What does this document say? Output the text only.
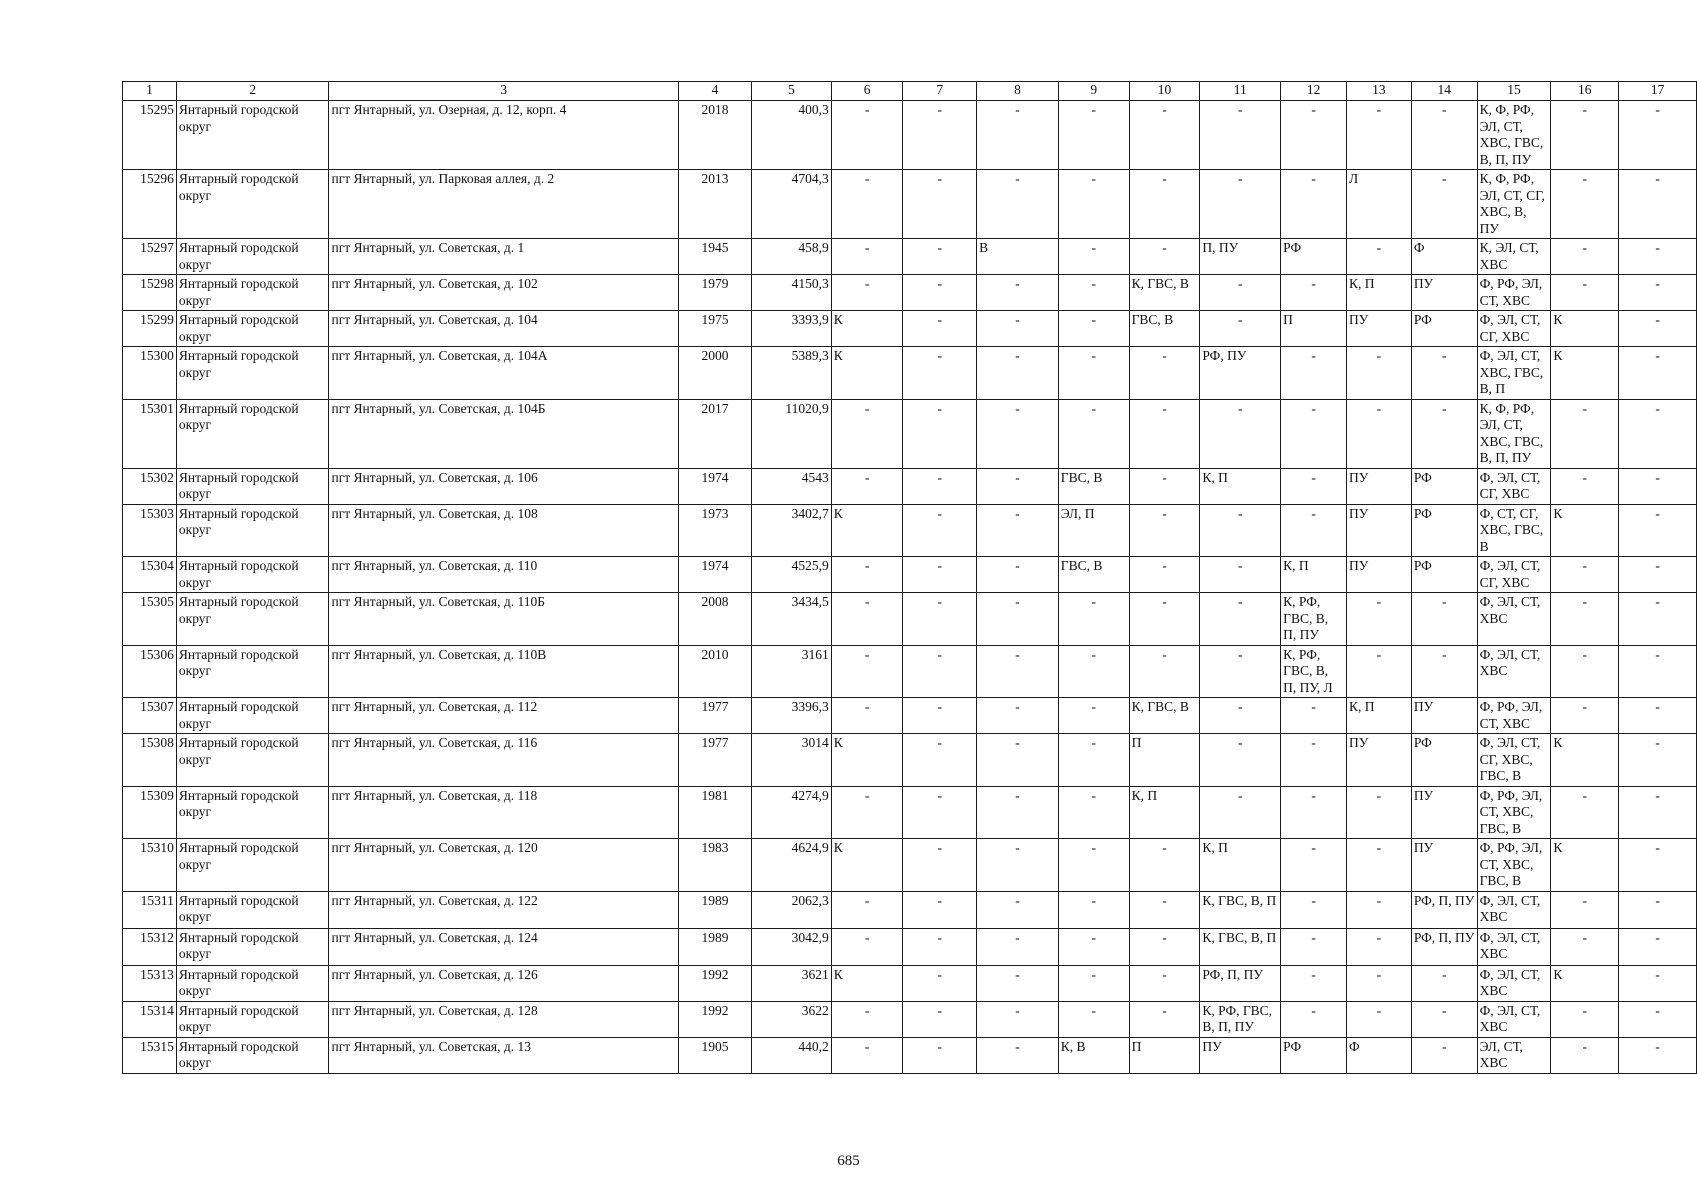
1	2	3	4	5	6	7	8	9	10	11	12	13	14	15	16	17
15295	Янтарный городской округ	пгт Янтарный, ул. Озерная, д. 12, корп. 4	2018	400,3	-	-	-	-	-	-	-	-	-	К, Ф, РФ, ЭЛ, СТ, ХВС, ГВС, В, П, ПУ	-	-
15296	Янтарный городской округ	пгт Янтарный, ул. Парковая аллея, д. 2	2013	4704,3	-	-	-	-	-	-	-	Л	-	К, Ф, РФ, ЭЛ, СТ, СГ, ХВС, В, ПУ	-	-
15297	Янтарный городской округ	пгт Янтарный, ул. Советская, д. 1	1945	458,9	-	-	В	-	-	П, ПУ	РФ	-	Ф	К, ЭЛ, СТ, ХВС	-	-
15298	Янтарный городской округ	пгт Янтарный, ул. Советская, д. 102	1979	4150,3	-	-	-	-	К, ГВС, В	-	-	К, П	ПУ	Ф, РФ, ЭЛ, СТ, ХВС	-	-
15299	Янтарный городской округ	пгт Янтарный, ул. Советская, д. 104	1975	3393,9	К	-	-	-	ГВС, В	-	П	ПУ	РФ	Ф, ЭЛ, СТ, СГ, ХВС	К	-
15300	Янтарный городской округ	пгт Янтарный, ул. Советская, д. 104А	2000	5389,3	К	-	-	-	-	РФ, ПУ	-	-	-	Ф, ЭЛ, СТ, ХВС, ГВС, В, П	К	-
15301	Янтарный городской округ	пгт Янтарный, ул. Советская, д. 104Б	2017	11020,9	-	-	-	-	-	-	-	-	-	К, Ф, РФ, ЭЛ, СТ, ХВС, ГВС, В, П, ПУ	-	-
15302	Янтарный городской округ	пгт Янтарный, ул. Советская, д. 106	1974	4543	-	-	-	ГВС, В	-	К, П	-	ПУ	РФ	Ф, ЭЛ, СТ, СГ, ХВС	-	-
15303	Янтарный городской округ	пгт Янтарный, ул. Советская, д. 108	1973	3402,7	К	-	-	ЭЛ, П	-	-	-	ПУ	РФ	Ф, СТ, СГ, ХВС, ГВС, В	К	-
15304	Янтарный городской округ	пгт Янтарный, ул. Советская, д. 110	1974	4525,9	-	-	-	ГВС, В	-	-	К, П	ПУ	РФ	Ф, ЭЛ, СТ, СГ, ХВС	-	-
15305	Янтарный городской округ	пгт Янтарный, ул. Советская, д. 110Б	2008	3434,5	-	-	-	-	-	-	К, РФ, ГВС, В, П, ПУ	-	-	Ф, ЭЛ, СТ, ХВС	-	-
15306	Янтарный городской округ	пгт Янтарный, ул. Советская, д. 110В	2010	3161	-	-	-	-	-	-	К, РФ, ГВС, В, П, ПУ, Л	-	-	Ф, ЭЛ, СТ, ХВС	-	-
15307	Янтарный городской округ	пгт Янтарный, ул. Советская, д. 112	1977	3396,3	-	-	-	-	К, ГВС, В	-	-	К, П	ПУ	Ф, РФ, ЭЛ, СТ, ХВС	-	-
15308	Янтарный городской округ	пгт Янтарный, ул. Советская, д. 116	1977	3014	К	-	-	-	П	-	-	ПУ	РФ	Ф, ЭЛ, СТ, СГ, ХВС, ГВС, В	К	-
15309	Янтарный городской округ	пгт Янтарный, ул. Советская, д. 118	1981	4274,9	-	-	-	-	К, П	-	-	-	ПУ	Ф, РФ, ЭЛ, СТ, ХВС, ГВС, В	-	-
15310	Янтарный городской округ	пгт Янтарный, ул. Советская, д. 120	1983	4624,9	К	-	-	-	-	К, П	-	-	ПУ	Ф, РФ, ЭЛ, СТ, ХВС, ГВС, В	К	-
15311	Янтарный городской округ	пгт Янтарный, ул. Советская, д. 122	1989	2062,3	-	-	-	-	-	К, ГВС, В, П	-	-	РФ, П, ПУ	Ф, ЭЛ, СТ, ХВС	-	-
15312	Янтарный городской округ	пгт Янтарный, ул. Советская, д. 124	1989	3042,9	-	-	-	-	-	К, ГВС, В, П	-	-	РФ, П, ПУ	Ф, ЭЛ, СТ, ХВС	-	-
15313	Янтарный городской округ	пгт Янтарный, ул. Советская, д. 126	1992	3621	К	-	-	-	-	РФ, П, ПУ	-	-	-	Ф, ЭЛ, СТ, ХВС	К	-
15314	Янтарный городской округ	пгт Янтарный, ул. Советская, д. 128	1992	3622	-	-	-	-	-	К, РФ, ГВС, В, П, ПУ	-	-	-	Ф, ЭЛ, СТ, ХВС	-	-
15315	Янтарный городской округ	пгт Янтарный, ул. Советская, д. 13	1905	440,2	-	-	-	К, В	П	ПУ	РФ	Ф	-	ЭЛ, СТ, ХВС	-	-
685
